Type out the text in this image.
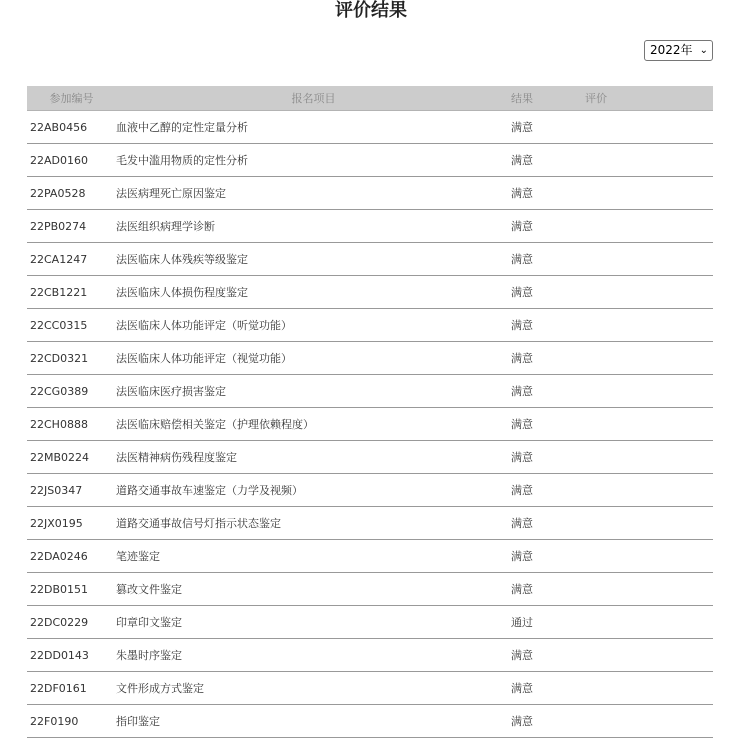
评价结果
2022年 ⌄
参加编号	报名项目	结果	评价
22AB0456	血液中乙醇的定性定量分析	满意	
22AD0160	毛发中滥用物质的定性分析	满意	
22PA0528	法医病理死亡原因鉴定	满意	
22PB0274	法医组织病理学诊断	满意	
22CA1247	法医临床人体残疾等级鉴定	满意	
22CB1221	法医临床人体损伤程度鉴定	满意	
22CC0315	法医临床人体功能评定（听觉功能）	满意	
22CD0321	法医临床人体功能评定（视觉功能）	满意	
22CG0389	法医临床医疗损害鉴定	满意	
22CH0888	法医临床赔偿相关鉴定（护理依赖程度）	满意	
22MB0224	法医精神病伤残程度鉴定	满意	
22JS0347	道路交通事故车速鉴定（力学及视频）	满意	
22JX0195	道路交通事故信号灯指示状态鉴定	满意	
22DA0246	笔迹鉴定	满意	
22DB0151	篡改文件鉴定	满意	
22DC0229	印章印文鉴定	通过	
22DD0143	朱墨时序鉴定	满意	
22DF0161	文件形成方式鉴定	满意	
22F0190	指印鉴定	满意	
